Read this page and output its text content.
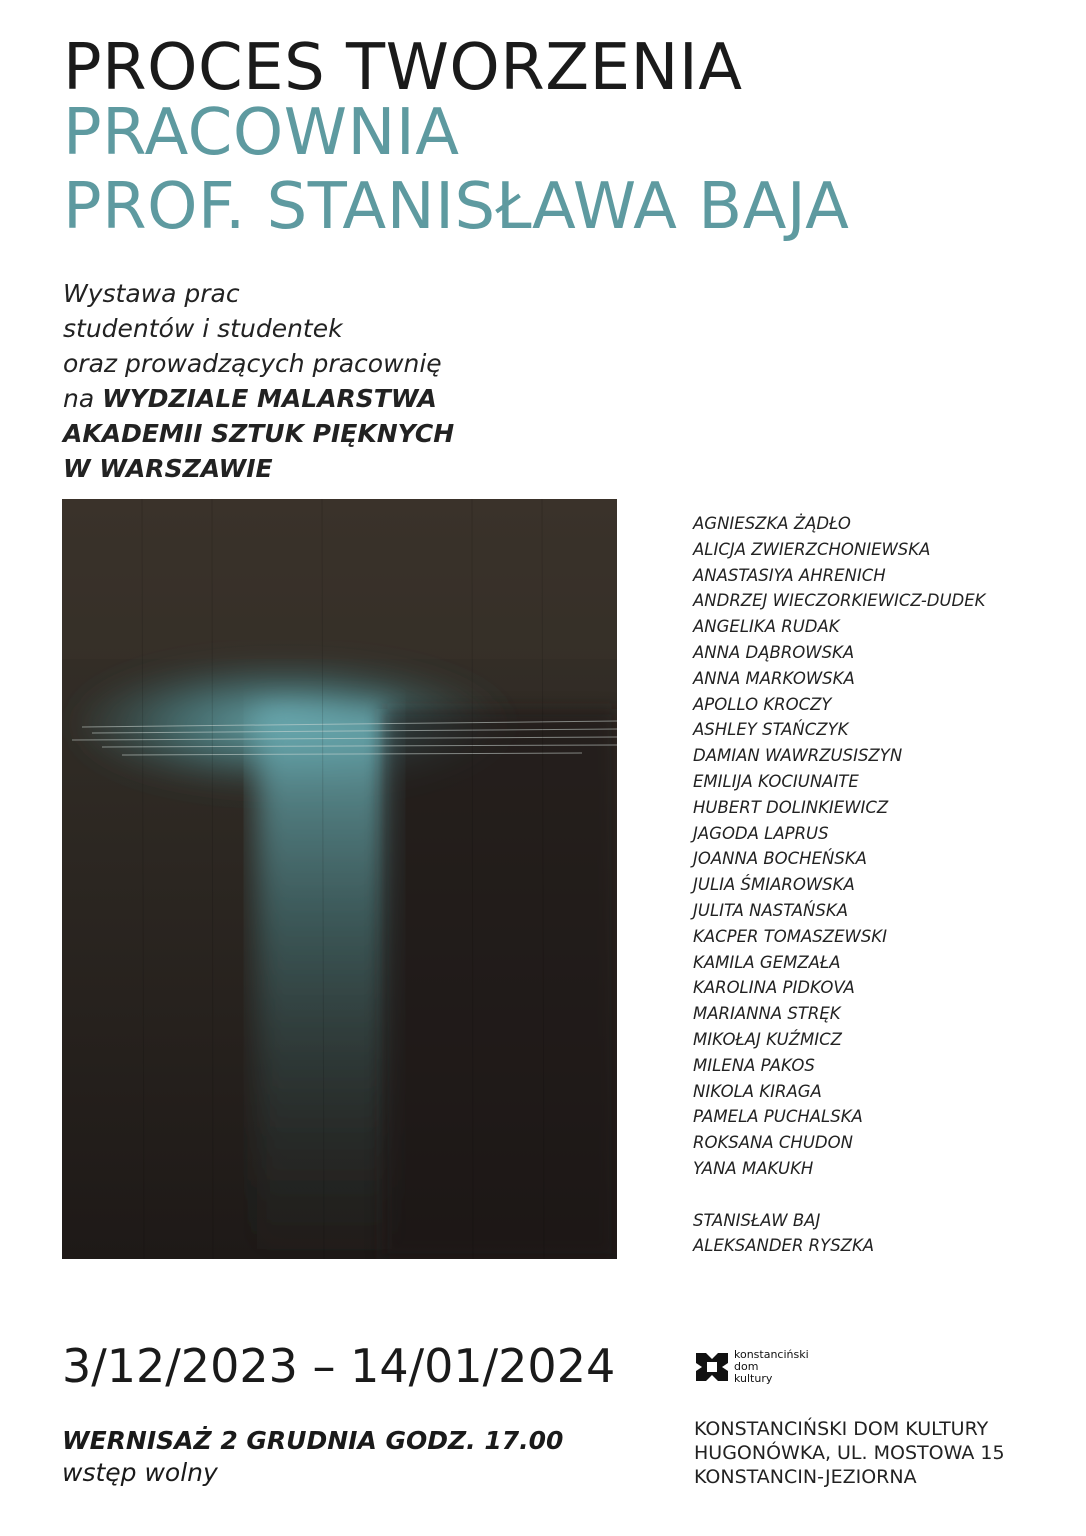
PROCES TWORZENIA
PRACOWNIA
PROF. STANISŁAWA BAJA
Wystawa prac
studentów i studentek
oraz prowadzących pracownię
na WYDZIALE MALARSTWA
AKADEMII SZTUK PIĘKNYCH
W WARSZAWIE
AGNIESZKA ŻĄDŁO
ALICJA ZWIERZCHONIEWSKA
ANASTASIYA AHRENICH
ANDRZEJ WIECZORKIEWICZ-DUDEK
ANGELIKA RUDAK
ANNA DĄBROWSKA
ANNA MARKOWSKA
APOLLO KROCZY
ASHLEY STAŃCZYK
DAMIAN WAWRZUSISZYN
EMILIJA KOCIUNAITE
HUBERT DOLINKIEWICZ
JAGODA LAPRUS
JOANNA BOCHEŃSKA
JULIA ŚMIAROWSKA
JULITA NASTAŃSKA
KACPER TOMASZEWSKI
KAMILA GEMZAŁA
KAROLINA PIDKOVA
MARIANNA STRĘK
MIKOŁAJ KUŹMICZ
MILENA PAKOS
NIKOLA KIRAGA
PAMELA PUCHALSKA
ROKSANA CHUDON
YANA MAKUKH
STANISŁAW BAJ
ALEKSANDER RYSZKA
3/12/2023 – 14/01/2024
WERNISAŻ 2 GRUDNIA GODZ. 17.00
wstęp wolny
konstanciński
dom
kultury
KONSTANCIŃSKI DOM KULTURY
HUGONÓWKA, UL. MOSTOWA 15
KONSTANCIN-JEZIORNA
